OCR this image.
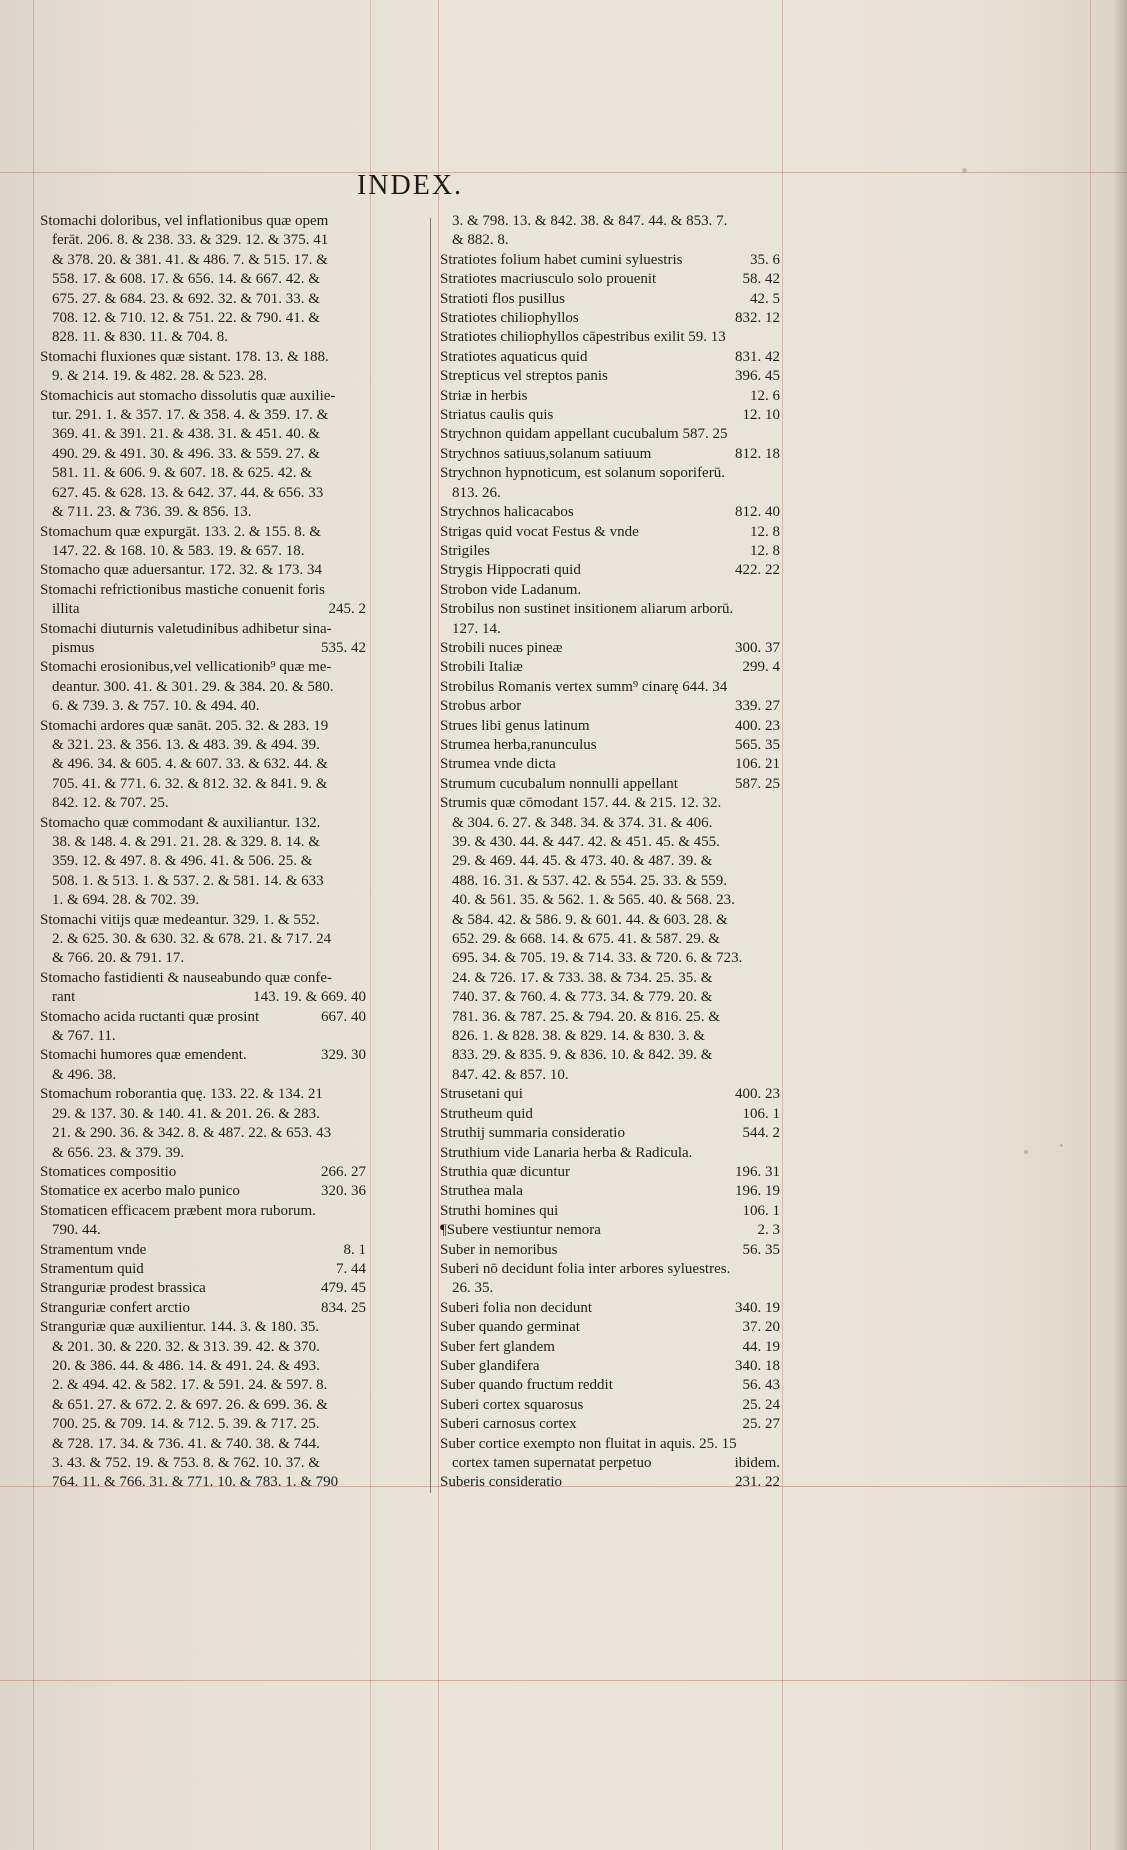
INDEX.
Stomachi doloribus, vel inflationibus quæ opem
ferāt. 206. 8. & 238. 33. & 329. 12. & 375. 41
& 378. 20. & 381. 41. & 486. 7. & 515. 17. &
558. 17. & 608. 17. & 656. 14. & 667. 42. &
675. 27. & 684. 23. & 692. 32. & 701. 33. &
708. 12. & 710. 12. & 751. 22. & 790. 41. &
828. 11. & 830. 11. & 704. 8.
Stomachi fluxiones quæ sistant. 178. 13. & 188.
9. & 214. 19. & 482. 28. & 523. 28.
Stomachicis aut stomacho dissolutis quæ auxilie-
tur. 291. 1. & 357. 17. & 358. 4. & 359. 17. &
369. 41. & 391. 21. & 438. 31. & 451. 40. &
490. 29. & 491. 30. & 496. 33. & 559. 27. &
581. 11. & 606. 9. & 607. 18. & 625. 42. &
627. 45. & 628. 13. & 642. 37. 44. & 656. 33
& 711. 23. & 736. 39. & 856. 13.
Stomachum quæ expurgāt. 133. 2. & 155. 8. &
147. 22. & 168. 10. & 583. 19. & 657. 18.
Stomacho quæ aduersantur. 172. 32. & 173. 34
Stomachi refrictionibus mastiche conuenit foris
illita	245. 2
Stomachi diuturnis valetudinibus adhibetur sina-
pismus	535. 42
Stomachi erosionibus,vel vellicationib⁹ quæ me-
deantur. 300. 41. & 301. 29. & 384. 20. & 580.
6. & 739. 3. & 757. 10. & 494. 40.
Stomachi ardores quæ sanāt. 205. 32. & 283. 19
& 321. 23. & 356. 13. & 483. 39. & 494. 39.
& 496. 34. & 605. 4. & 607. 33. & 632. 44. &
705. 41. & 771. 6. 32. & 812. 32. & 841. 9. &
842. 12. & 707. 25.
Stomacho quæ commodant & auxiliantur. 132.
38. & 148. 4. & 291. 21. 28. & 329. 8. 14. &
359. 12. & 497. 8. & 496. 41. & 506. 25. &
508. 1. & 513. 1. & 537. 2. & 581. 14. & 633
1. & 694. 28. & 702. 39.
Stomachi vitijs quæ medeantur. 329. 1. & 552.
2. & 625. 30. & 630. 32. & 678. 21. & 717. 24
& 766. 20. & 791. 17.
Stomacho fastidienti & nauseabundo quæ confe-
rant	143. 19. & 669. 40
Stomacho acida ructanti quæ prosint	667. 40
& 767. 11.
Stomachi humores quæ emendent.	329. 30
& 496. 38.
Stomachum roborantia quę. 133. 22. & 134. 21
29. & 137. 30. & 140. 41. & 201. 26. & 283.
21. & 290. 36. & 342. 8. & 487. 22. & 653. 43
& 656. 23. & 379. 39.
Stomatices compositio	266. 27
Stomatice ex acerbo malo punico	320. 36
Stomaticen efficacem præbent mora ruborum.
790. 44.
Stramentum vnde	8. 1
Stramentum quid	7. 44
Stranguriæ prodest brassica	479. 45
Stranguriæ confert arctio	834. 25
Stranguriæ quæ auxilientur. 144. 3. & 180. 35.
& 201. 30. & 220. 32. & 313. 39. 42. & 370.
20. & 386. 44. & 486. 14. & 491. 24. & 493.
2. & 494. 42. & 582. 17. & 591. 24. & 597. 8.
& 651. 27. & 672. 2. & 697. 26. & 699. 36. &
700. 25. & 709. 14. & 712. 5. 39. & 717. 25.
& 728. 17. 34. & 736. 41. & 740. 38. & 744.
3. 43. & 752. 19. & 753. 8. & 762. 10. 37. &
764. 11. & 766. 31. & 771. 10. & 783. 1. & 790
3. & 798. 13. & 842. 38. & 847. 44. & 853. 7.
& 882. 8.
Stratiotes folium habet cumini syluestris	35. 6
Stratiotes macriusculo solo prouenit	58. 42
Stratioti flos pusillus	42. 5
Stratiotes chiliophyllos	832. 12
Stratiotes chiliophyllos cāpestribus exilit 59. 13
Stratiotes aquaticus quid	831. 42
Strepticus vel streptos panis	396. 45
Striæ in herbis	12. 6
Striatus caulis quis	12. 10
Strychnon quidam appellant cucubalum 587. 25
Strychnos satiuus,solanum satiuum	812. 18
Strychnon hypnoticum, est solanum soporiferū.
813. 26.
Strychnos halicacabos	812. 40
Strigas quid vocat Festus & vnde	12. 8
Strigiles	12. 8
Strygis Hippocrati quid	422. 22
Strobon vide Ladanum.
Strobilus non sustinet insitionem aliarum arborū.
127. 14.
Strobili nuces pineæ	300. 37
Strobili Italiæ	299. 4
Strobilus Romanis vertex summ⁹ cinarę 644. 34
Strobus arbor	339. 27
Strues libi genus latinum	400. 23
Strumea herba,ranunculus	565. 35
Strumea vnde dicta	106. 21
Strumum cucubalum nonnulli appellant	587. 25
Strumis quæ cōmodant 157. 44. & 215. 12. 32.
& 304. 6. 27. & 348. 34. & 374. 31. & 406.
39. & 430. 44. & 447. 42. & 451. 45. & 455.
29. & 469. 44. 45. & 473. 40. & 487. 39. &
488. 16. 31. & 537. 42. & 554. 25. 33. & 559.
40. & 561. 35. & 562. 1. & 565. 40. & 568. 23.
& 584. 42. & 586. 9. & 601. 44. & 603. 28. &
652. 29. & 668. 14. & 675. 41. & 587. 29. &
695. 34. & 705. 19. & 714. 33. & 720. 6. & 723.
24. & 726. 17. & 733. 38. & 734. 25. 35. &
740. 37. & 760. 4. & 773. 34. & 779. 20. &
781. 36. & 787. 25. & 794. 20. & 816. 25. &
826. 1. & 828. 38. & 829. 14. & 830. 3. &
833. 29. & 835. 9. & 836. 10. & 842. 39. &
847. 42. & 857. 10.
Strusetani qui	400. 23
Strutheum quid	106. 1
Struthij summaria consideratio	544. 2
Struthium vide Lanaria herba & Radicula.
Struthia quæ dicuntur	196. 31
Struthea mala	196. 19
Struthi homines qui	106. 1
¶Subere vestiuntur nemora	2. 3
Suber in nemoribus	56. 35
Suberi nō decidunt folia inter arbores syluestres.
26. 35.
Suberi folia non decidunt	340. 19
Suber quando germinat	37. 20
Suber fert glandem	44. 19
Suber glandifera	340. 18
Suber quando fructum reddit	56. 43
Suberi cortex squarosus	25. 24
Suberi carnosus cortex	25. 27
Suber cortice exempto non fluitat in aquis. 25. 15
cortex tamen supernatat perpetuo	ibidem.
Suberis consideratio	231. 22
